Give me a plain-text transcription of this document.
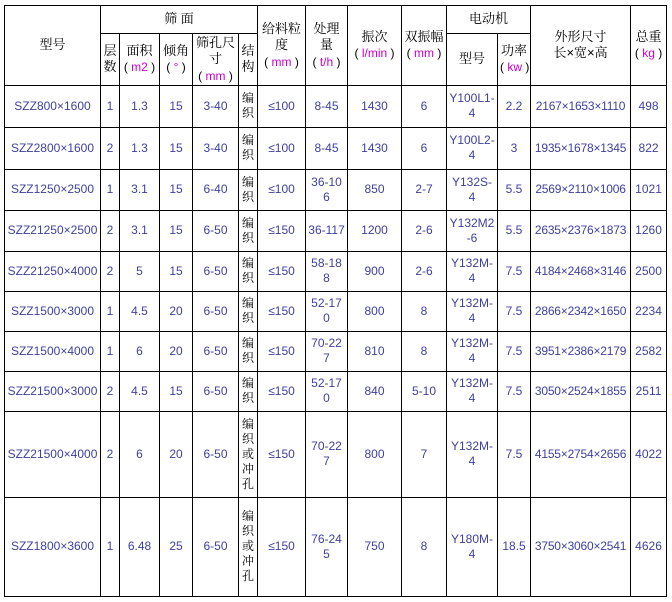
型号	筛 面					给料粒度 ( mm )	处理量 ( t/h )	振次 ( l/min )	双振幅 ( mm )	电动机		外形尺寸
长×宽×高	总重 ( kg )
	层数	面积 ( m2 )	倾角 ( ° )	筛孔尺寸 ( mm )	结构					型号	功率 ( kw )
SZZ800×1600	1	1.3	15	3-40	编织	≤100	8-45	1430	6	Y100L1-4	2.2	2167×1653×1110	498
SZZ2800×1600	2	1.3	15	3-40	编织	≤100	8-45	1430	6	Y100L2-4	3	1935×1678×1345	822
SZZ1250×2500	1	3.1	15	6-40	编织	≤100	36-106	850	2-7	Y132S-4	5.5	2569×2110×1006	1021
SZZ21250×2500	2	3.1	15	6-50	编织	≤150	36-117	1200	2-6	Y132M2-6	5.5	2635×2376×1873	1260
SZZ21250×4000	2	5	15	6-50	编织	≤150	58-188	900	2-6	Y132M-4	7.5	4184×2468×3146	2500
SZZ1500×3000	1	4.5	20	6-50	编织	≤150	52-170	800	8	Y132M-4	7.5	2866×2342×1650	2234
SZZ1500×4000	1	6	20	6-50	编织	≤150	70-227	810	8	Y132M-4	7.5	3951×2386×2179	2582
SZZ21500×3000	2	4.5	15	6-50	编织	≤150	52-170	840	5-10	Y132M-4	7.5	3050×2524×1855	2511
SZZ21500×4000	2	6	20	6-50	编织或冲孔	≤150	70-227	800	7	Y132M-4	7.5	4155×2754×2656	4022
SZZ1800×3600	1	6.48	25	6-50	编织或冲孔	≤150	76-245	750	8	Y180M-4	18.5	3750×3060×2541	4626
